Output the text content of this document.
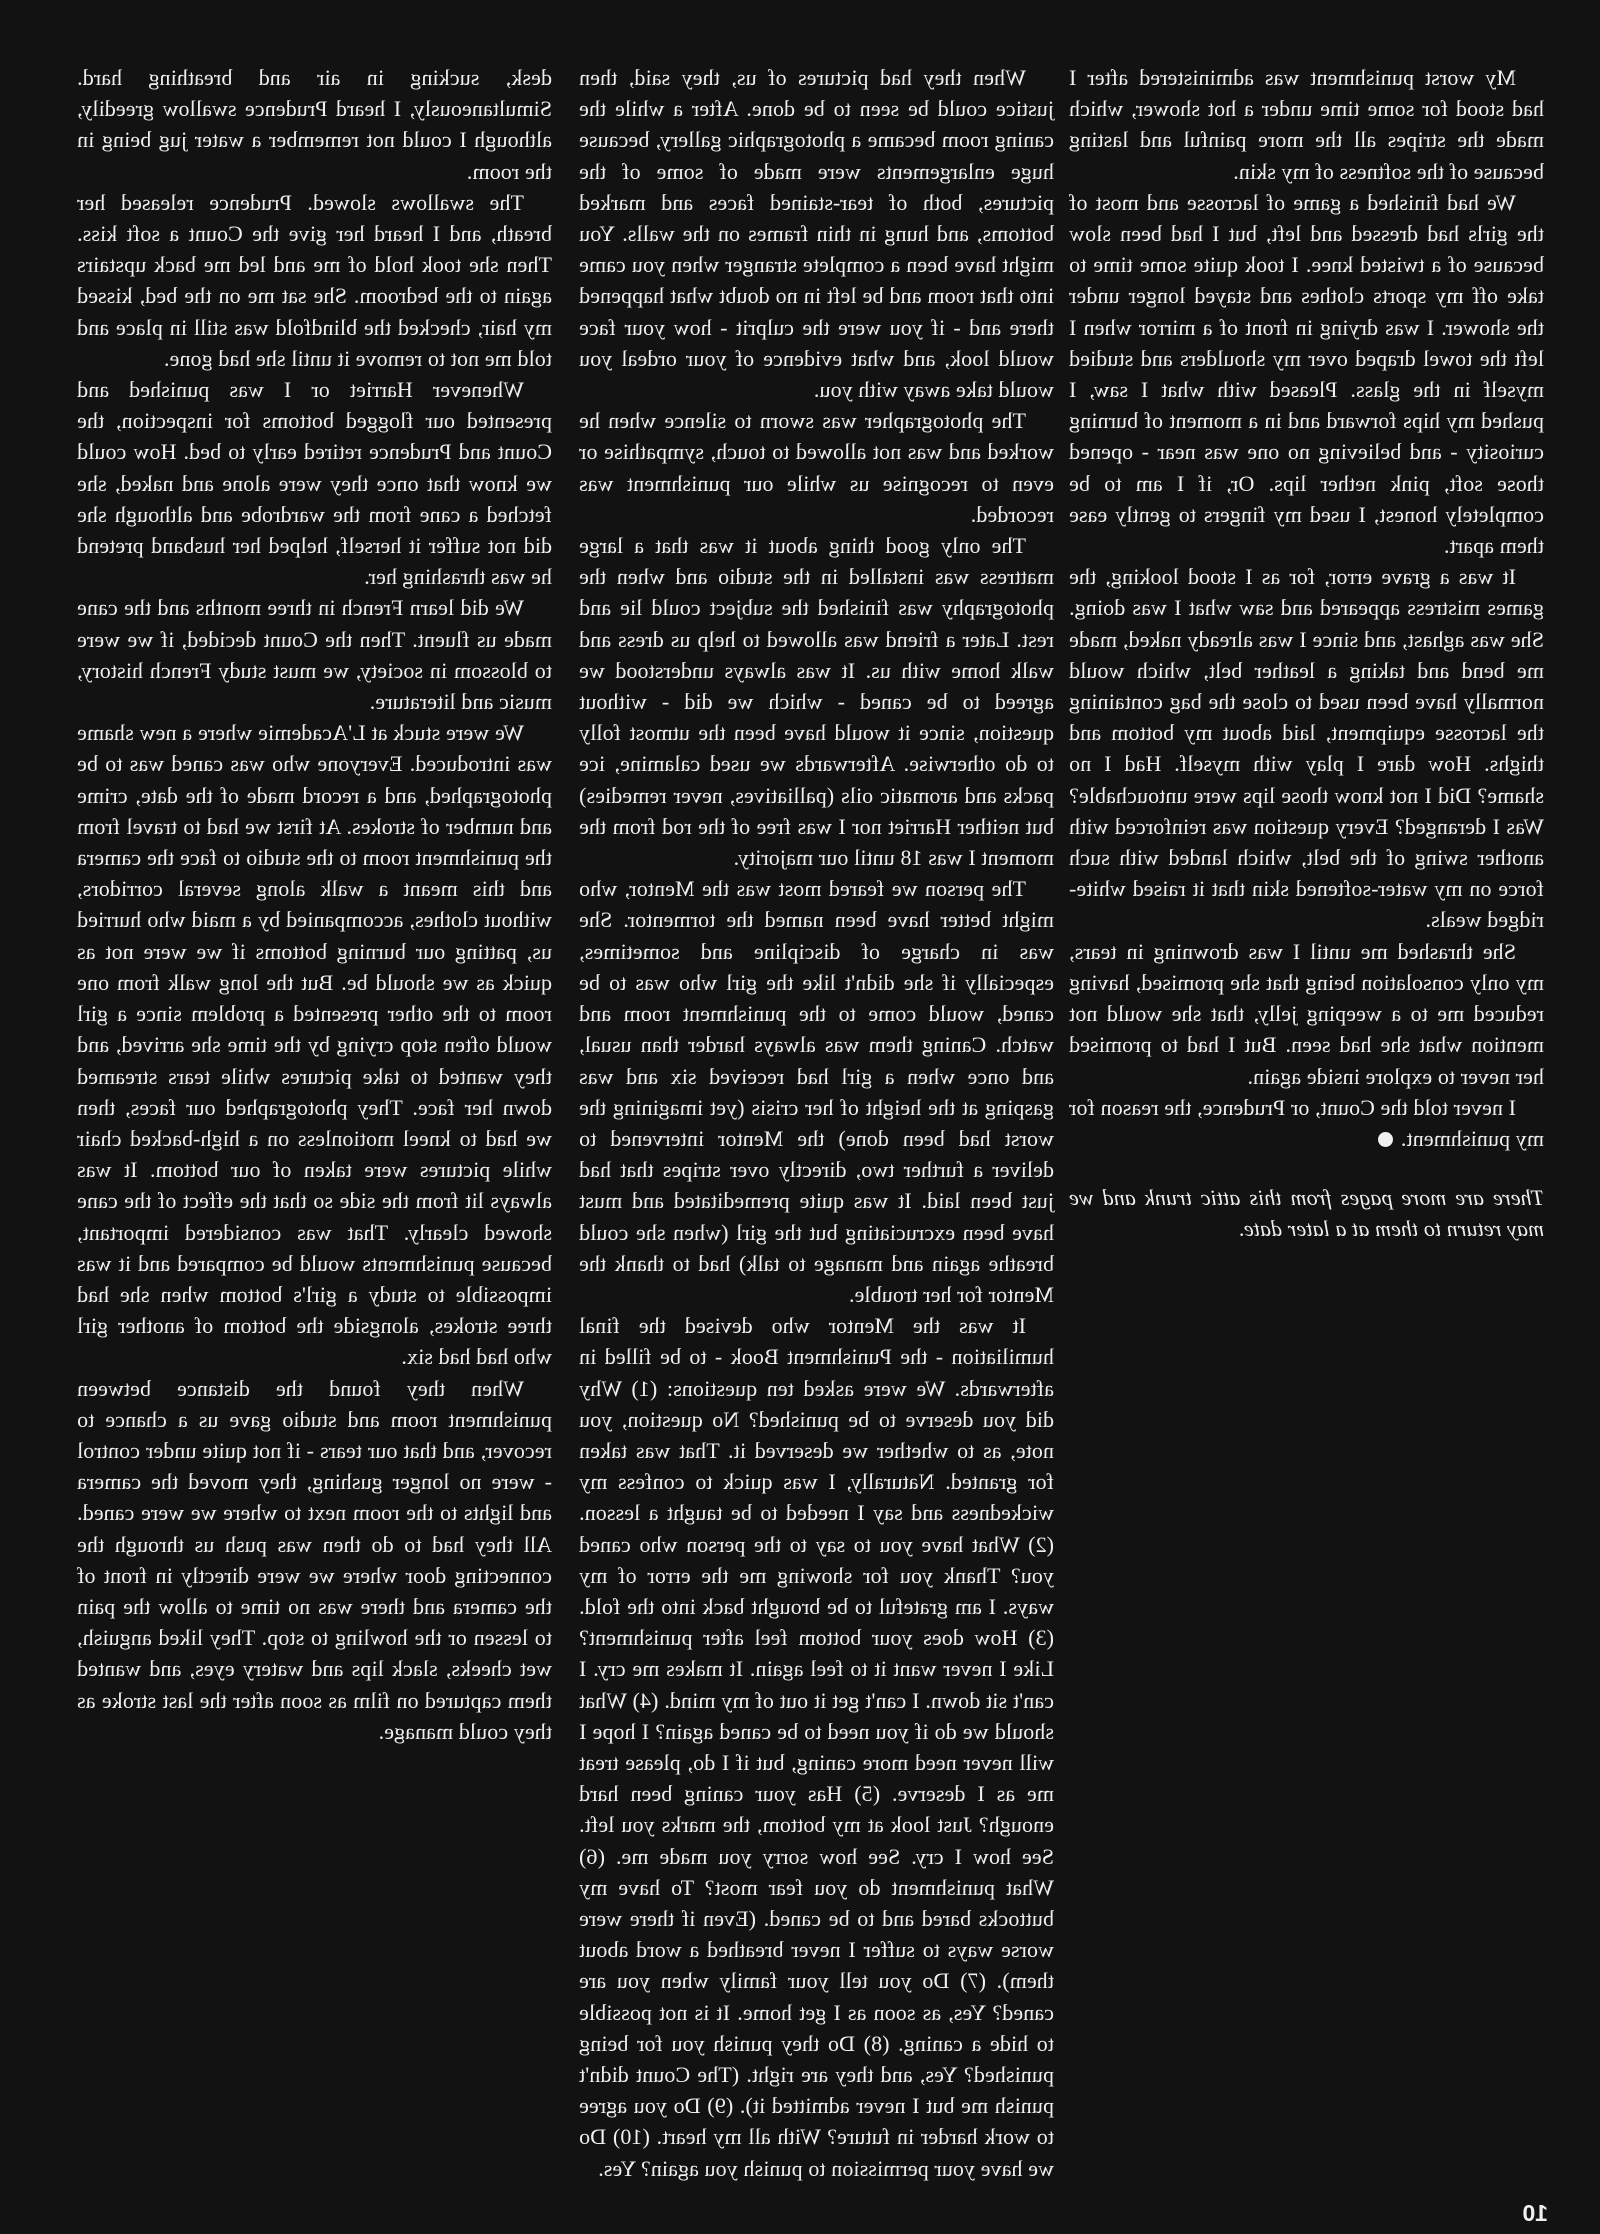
desk, sucking in air and breathing hard. Simultaneously, I heard Prudence swallow greedily, although I could not remember a water jug being in the room.

The swallows slowed. Prudence released her breath, and I heard her give the Count a soft kiss. Then she took hold of me and led me back upstairs again to the bedroom. She sat me on the bed, kissed my hair, checked the blindfold was still in place and told me not to remove it until she had gone.

Whenever Harriet or I was punished and presented our flogged bottoms for inspection, the Count and Prudence retired early to bed. How could we know that once they were alone and naked, she fetched a cane from the wardrobe and although she did not suffer it herself, helped her husband pretend he was thrashing her.

We did learn French in three months and the cane made us fluent. Then the Count decided, if we were to blossom in society, we must study French history, music and literature.

We were stuck at L'Academie where a new shame was introduced. Everyone who was caned was to be photographed, and a record made of the date, crime and number of strokes. At first we had to travel from the punishment room to the studio to face the camera and this meant a walk along several corridors, without clothes, accompanied by a maid who hurried us, patting our burning bottoms if we were not as quick as we should be. But the long walk from one room to the other presented a problem since a girl would often stop crying by the time she arrived, and they wanted to take pictures while tears streamed down her face. They photographed our faces, then we had to kneel motionless on a high-backed chair while pictures were taken of our bottom. It was always lit from the side so that the effect of the cane showed clearly. That was considered important, because punishments would be compared and it was impossible to study a girl's bottom when she had three strokes, alongside the bottom of another girl who had had six.

When they found the distance between punishment room and studio gave us a chance to recover, and that our tears - if not quite under control - were no longer gushing, they moved the camera and lights to the room next to where we were caned. All they had to do then was push us through the connecting door where we were directly in front of the camera and there was no time to allow the pain to lessen or the howling to stop. They liked anguish, wet cheeks, slack lips and watery eyes, and wanted them captured on film as soon after the last stroke as they could manage.

When they had pictures of us, they said, then justice could be seen to be done. After a while the caning room became a photographic gallery, because huge enlargements were made of some of the pictures, both of tear-stained faces and marked bottoms, and hung in thin frames on the walls. You might have been a complete stranger when you came into that room and be left in no doubt what happened there and - if you were the culprit - how your face would look, and what evidence of your ordeal you would take away with you.

The photographer was sworn to silence when he worked and was not allowed to touch, sympathise or even to recognise us while our punishment was recorded.

The only good thing about it was that a large mattress was installed in the studio and when the photography was finished the subject could lie and rest. Later a friend was allowed to help us dress and walk home with us. It was always understood we agreed to be caned - which we did - without question, since it would have been the utmost folly to do otherwise. Afterwards we used calamine, ice packs and aromatic oils (palliatives, never remedies) but neither Harriet nor I was free of the rod from the moment I was 18 until our majority.

The person we feared most was the Mentor, who might better have been named the tormentor. She was in charge of discipline and sometimes, especially if she didn't like the girl who was to be caned, would come to the punishment room and watch. Caning them was always harder than usual, and once when a girl had received six and was gasping at the height of her crisis (yet imagining the worst had been done) the Mentor intervened to deliver a further two, directly over stripes that had just been laid. It was quite premeditated and must have been excruciating but the girl (when she could breathe again and manage to talk) had to thank the Mentor for her trouble.

It was the Mentor who devised the final humiliation - the Punishment Book - to be filled in afterwards. We were asked ten questions: (1) Why did you deserve to be punished? No question, you note, as to whether we deserved it. That was taken for granted. Naturally, I was quick to confess my wickedness and say I needed to be taught a lesson. (2) What have you to say to the person who caned you? Thank you for showing me the error of my ways. I am grateful to be brought back into the fold. (3) How does your bottom feel after punishment? Like I never want it to feel again. It makes me cry. I can't sit down. I can't get it out of my mind. (4) What should we do if you need to be caned again? I hope I will never need more caning, but if I do, please treat me as I deserve. (5) Has your caning been hard enough? Just look at my bottom, the marks you left. See how I cry. See how sorry you made me. (6) What punishment do you fear most? To have my buttocks bared and to be caned. (Even if there were worse ways to suffer I never breathed a word about them). (7) Do you tell your family when you are caned? Yes, as soon as I get home. It is not possible to hide a caning. (8) Do they punish you for being punished? Yes, and they are right. (The Count didn't punish me but I never admitted it). (9) Do you agree to work harder in future? With all my heart. (10) Do we have your permission to punish you again? Yes.

My worst punishment was administered after I had stood for some time under a hot shower, which made the stripes all the more painful and lasting because of the softness of my skin.

We had finished a game of lacrosse and most of the girls had dressed and left, but I had been slow because of a twisted knee. I took quite some time to take off my sports clothes and stayed longer under the shower. I was drying in front of a mirror when I left the towel draped over my shoulders and studied myself in the glass. Pleased with what I saw, I pushed my hips forward and in a moment of burning curiosity - and believing no one was near - opened those soft, pink nether lips. Or, if I am to be completely honest, I used my fingers to gently ease them apart.

It was a grave error, for as I stood looking, the games mistress appeared and saw what I was doing. She was aghast, and since I was already naked, made me bend and taking a leather belt, which would normally have been used to close the bag containing the lacrosse equipment, laid about my bottom and thighs. How dare I play with myself. Had I no shame? Did I not know those lips were untouchable? Was I deranged? Every question was reinforced with another swing of the belt, which landed with such force on my water-softened skin that it raised white-ridged weals.

She thrashed me until I was drowning in tears, my only consolation being that she promised, having reduced me to a weeping jelly, that she would not mention what she had seen. But I had to promised her never to explore inside again.

I never told the Count, or Prudence, the reason for my punishment.

There are more pages from this attic trunk and we may return to them at a later date.

10
